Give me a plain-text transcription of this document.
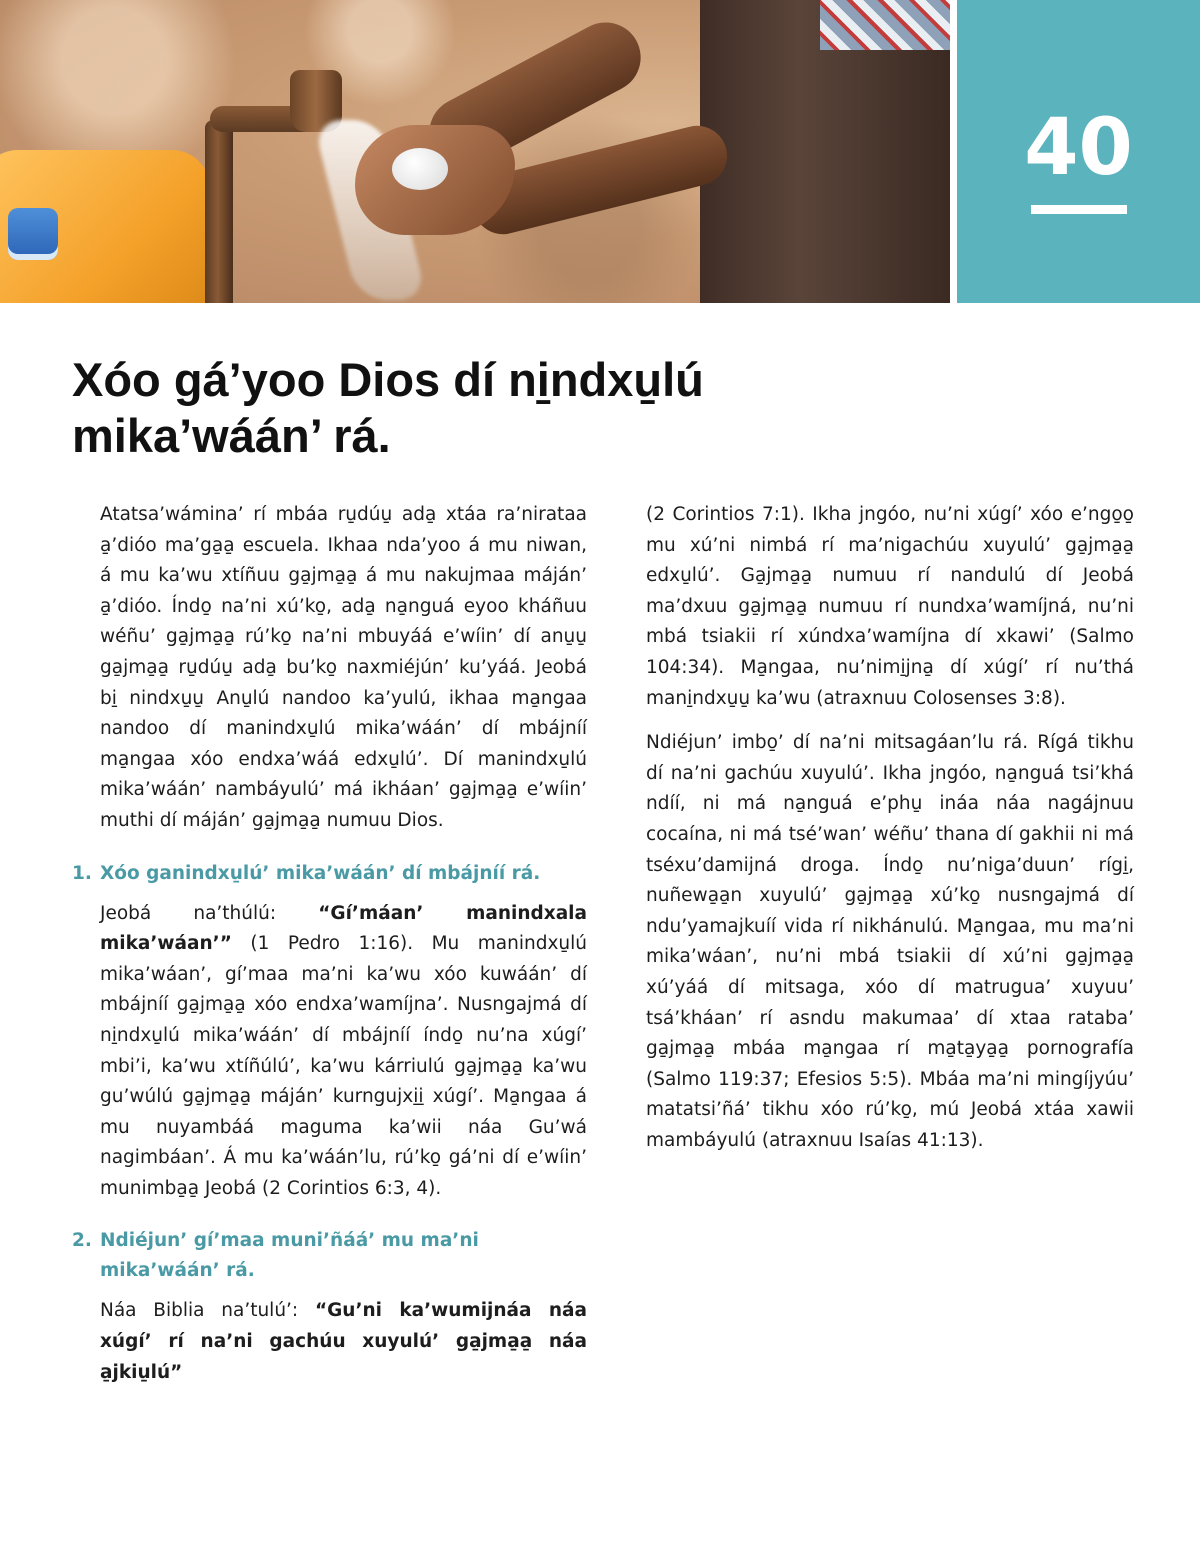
40
Xóo gá’yoo Dios dí ni̱ndxu̱lú
mika’wáán’ rá.

Atatsa’wámina’ rí mbáa ru̱dúu̱ ada̱ xtáa ra’nirataa a̱’dióo ma’ga̱a̱ escuela. Ikhaa nda’yoo á mu niwan, á mu ka’wu xtíñuu ga̱jma̱a̱ á mu nakujmaa máján’ a̱’dióo. Índo̱ na’ni xú’ko̱, ada̱ na̱nguá eyoo kháñuu wéñu’ ga̱jma̱a̱ rú’ko̱ na’ni mbuyáá e’wíin’ dí anu̱u̱ ga̱jma̱a̱ ru̱dúu̱ ada̱ bu’ko̱ naxmiéjún’ ku’yáá. Jeobá bi̱ nindxu̱u̱ Anu̱lú nandoo ka’yulú, ikhaa ma̱ngaa nandoo dí manindxu̱lú mika’wáán’ dí mbájníí ma̱ngaa xóo endxa’wáá edxu̱lú’. Dí manindxu̱lú mika’wáán’ nambáyulú’ má ikháan’ ga̱jma̱a̱ e’wíin’ muthi dí máján’ ga̱jma̱a̱ numuu Dios.

1. Xóo ganindxu̱lú’ mika’wáán’ dí mbájníí rá.

Jeobá na’thúlú: “Gí’máan’ manindxala mika’wáan’” (1 Pedro 1:16). Mu manindxu̱lú mika’wáan’, gí’maa ma’ni ka’wu xóo kuwáán’ dí mbájníí ga̱jma̱a̱ xóo endxa’wamíjna’. Nusngajmá dí ni̱ndxu̱lú mika’wáán’ dí mbájníí índo̱ nu’na xúgí’ mbi’i, ka’wu xtíñúlú’, ka’wu kárriulú ga̱jma̱a̱ ka’wu gu’wúlú ga̱jma̱a̱ máján’ kurngujxi̱i̱ xúgí’. Ma̱ngaa á mu nuyambáá maguma ka’wii náa Gu’wá nagimbáan’. Á mu ka’wáán’lu, rú’ko̱ gá’ni dí e’wíin’ munimba̱a̱ Jeobá (2 Corintios 6:3, 4).

2. Ndiéjun’ gí’maa muni’ñáá’ mu ma’ni
mika’wáán’ rá.

Náa Biblia na’tulú’: “Gu’ni ka’wumijnáa náa xúgí’ rí na’ni gachúu xuyulú’ ga̱jma̱a̱ náa a̱jkiu̱lú”

(2 Corintios 7:1). Ikha jngóo, nu’ni xúgí’ xóo e’ngo̱o̱ mu xú’ni nimbá rí ma’nigachúu xuyulú’ ga̱jma̱a̱ edxu̱lú’. Ga̱jma̱a̱ numuu rí nandulú dí Jeobá ma’dxuu ga̱jma̱a̱ numuu rí nundxa’wamíjná, nu’ni mbá tsiakii rí xúndxa’wamíjna dí xkawi’ (Salmo 104:34). Ma̱ngaa, nu’nimi̱jna̱ dí xúgí’ rí nu’thá mani̱ndxu̱u̱ ka’wu (atraxnuu Colosenses 3:8).

Ndiéjun’ imbo̱’ dí na’ni mitsagáan’lu rá. Rígá tikhu dí na’ni gachúu xuyulú’. Ikha jngóo, na̱nguá tsi’khá ndíí, ni má na̱nguá e’phu̱ ináa náa nagájnuu cocaína, ni má tsé’wan’ wéñu’ thana dí gakhii ni má tséxu’damijná droga. Índo̱ nu’niga’duun’ rígi̱, nuñewa̱a̱n xuyulú’ ga̱jma̱a̱ xú’ko̱ nusngajmá dí ndu’yamajkuíí vida rí nikhánulú. Ma̱ngaa, mu ma’ni mika’wáan’, nu’ni mbá tsiakii dí xú’ni ga̱jma̱a̱ xú’yáá dí mitsaga, xóo dí matrugua’ xuyuu’ tsá’kháan’ rí asndu makumaa’ dí xtaa rataba’ ga̱jma̱a̱ mbáa ma̱ngaa rí ma̱ta̱ya̱a̱ pornografía (Salmo 119:37; Efesios 5:5). Mbáa ma’ni mingíjyúu’ matatsi’ñá’ tikhu xóo rú’ko̱, mú Jeobá xtáa xawii mambáyulú (atraxnuu Isaías 41:13).
